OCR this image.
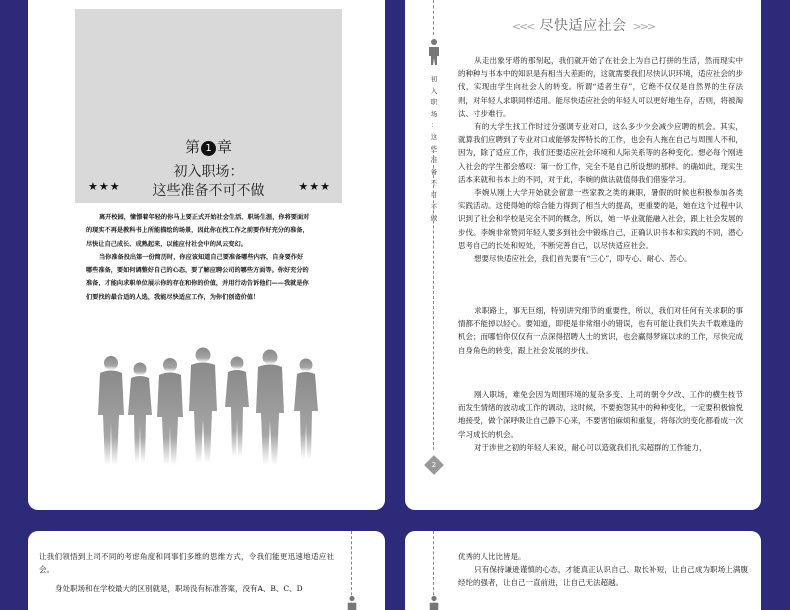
第 1 章
初入职场：
这些准备不可不做
★★★	★★★
离开校园，憧憬着年轻的你马上要正式开始社会生活、职场生涯，你将要面对
的现实不再是教科书上所能描绘的场景，因此你在找工作之前要作好充分的准备，
尽快让自己成长、成熟起来，以能应付社会中的风云变幻。
当你准备投出第一份简历时，你应该知道自己要准备哪些内容，自身要作好
哪些准备，要如何调整好自己的心态，要了解应聘公司的哪些方面等。你好充分的
准备，才能向求职单位展示你的存在和你的价值，并用行动告诉他们——我就是你
们要找的最合适的人选，我能尽快适应工作，为你们创造价值！
初
入
职
场
：
这
些
准
备
不
可
不
做
<<< 尽快适应社会 >>>
从走出象牙塔的那刻起，我们就开始了在社会上为自己打拼的生活，然而现实中的种种与书本中的知识是有相当大差距的，这就需要我们尽快认识环境，适应社会的步伐，实现由学生向社会人的转变。所谓“适者生存”，它绝不仅仅是自然界的生存法则，对年轻人求职同样适用。能尽快适应社会的年轻人可以更好地生存，否则，将被淘汰、寸步难行。
有的大学生找工作时过分强调专业对口，这么多少少会减少应聘的机会。其实，就算我们应聘到了专业对口或能够发挥特长的工作，也会有人拖在自己与周围人不和，因为，除了适应工作，我们还要适应社会环境和人际关系等的各种变化。想必每个刚进入社会的学生都会感叹：第一份工作，完全不是自己所设想的那样。的确如此，现实生活本来就和书本上的不同，对于此，李婉的做法就值得我们借鉴学习。
李婉从刚上大学开始就会留意一些家教之类的兼职，暑假的时候也积极参加各类实践活动。这使得她的综合能力得到了相当大的提高，更重要的是，她在这个过程中认识到了社会和学校是完全不同的概念，所以，她一毕业就能融入社会，跟上社会发展的步伐。李婉非常赞同年轻人要多到社会中锻炼自己，正确认识书本和实践的不同，潜心思考自己的长处和短处，不断完善自己，以尽快适应社会。
想要尽快适应社会，我们首先要有“三心”，即专心、耐心、苦心。
求职路上，事无巨细，特别讲究细节的重要性，所以，我们对任何有关求职的事情都不能掉以轻心。要知道，即使是非常细小的错误，也有可能让我们失去千载难逢的机会；而哪怕你仅仅有一点深得招聘人士的赏识，也会赢得梦寐以求的工作，尽快完成自身角色的转变，跟上社会发展的步伐。
刚入职场，难免会因为周围环境的复杂多变、上司的朝令夕改、工作的横生枝节而发生情绪的波动或工作的调动，这时候，不要抱怨其中的种种变化，一定要积极愉悦地接受，做个深呼吸让自己静下心来，不要害怕麻烦和重复，将每次的变化都看成一次学习成长的机会。
对于涉世之初的年轻人来说，耐心可以造就我们扎实超群的工作能力，
2
让我们领悟到上司不同的考虑角度和同事们多维的思维方式，令我们能更迅速地适应社会。
身处职场和在学校最大的区别就是，职场没有标准答案，没有A、B、C、D
优秀的人比比皆是。
只有保持谦逊谨慎的心态，才能真正认识自己、取长补短，让自己成为职场上满腹经纶的强者，让自己一直前进，让自己无法超越。
